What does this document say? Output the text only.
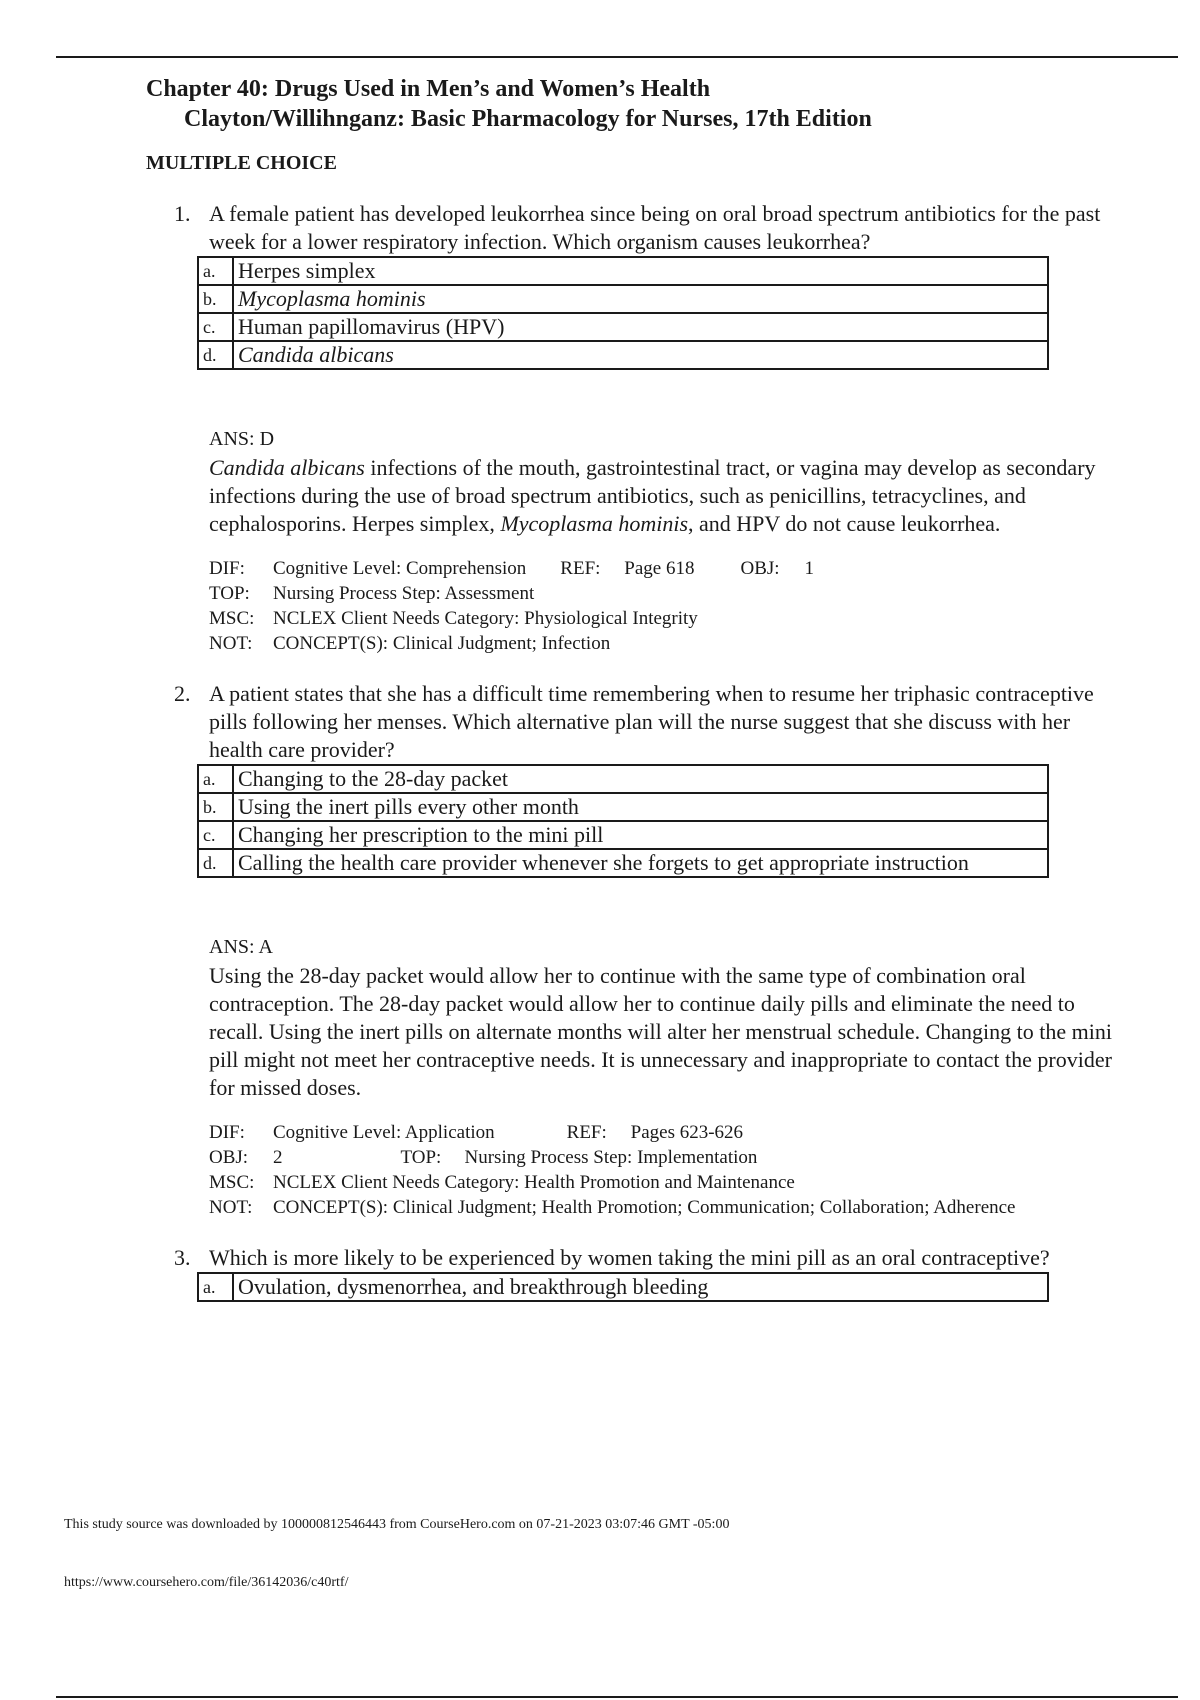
Chapter 40: Drugs Used in Men’s and Women’s Health
Clayton/Willihnganz: Basic Pharmacology for Nurses, 17th Edition
MULTIPLE CHOICE
1. A female patient has developed leukorrhea since being on oral broad spectrum antibiotics for the past week for a lower respiratory infection. Which organism causes leukorrhea?
a.	Herpes simplex
b.	Mycoplasma hominis
c.	Human papillomavirus (HPV)
d.	Candida albicans
ANS: D
Candida albicans infections of the mouth, gastrointestinal tract, or vagina may develop as secondary infections during the use of broad spectrum antibiotics, such as penicillins, tetracyclines, and cephalosporins. Herpes simplex, Mycoplasma hominis, and HPV do not cause leukorrhea.
DIF: Cognitive Level: Comprehension REF: Page 618 OBJ: 1
TOP: Nursing Process Step: Assessment
MSC: NCLEX Client Needs Category: Physiological Integrity
NOT: CONCEPT(S): Clinical Judgment; Infection
2. A patient states that she has a difficult time remembering when to resume her triphasic contraceptive pills following her menses. Which alternative plan will the nurse suggest that she discuss with her health care provider?
a.	Changing to the 28-day packet
b.	Using the inert pills every other month
c.	Changing her prescription to the mini pill
d.	Calling the health care provider whenever she forgets to get appropriate instruction
ANS: A
Using the 28-day packet would allow her to continue with the same type of combination oral contraception. The 28-day packet would allow her to continue daily pills and eliminate the need to recall. Using the inert pills on alternate months will alter her menstrual schedule. Changing to the mini pill might not meet her contraceptive needs. It is unnecessary and inappropriate to contact the provider for missed doses.
DIF: Cognitive Level: Application	REF: Pages 623-626
OBJ: 2	TOP: Nursing Process Step: Implementation
MSC: NCLEX Client Needs Category: Health Promotion and Maintenance
NOT: CONCEPT(S): Clinical Judgment; Health Promotion; Communication; Collaboration; Adherence
3. Which is more likely to be experienced by women taking the mini pill as an oral contraceptive?
a.	Ovulation, dysmenorrhea, and breakthrough bleeding
This study source was downloaded by 100000812546443 from CourseHero.com on 07-21-2023 03:07:46 GMT -05:00
https://www.coursehero.com/file/36142036/c40rtf/
